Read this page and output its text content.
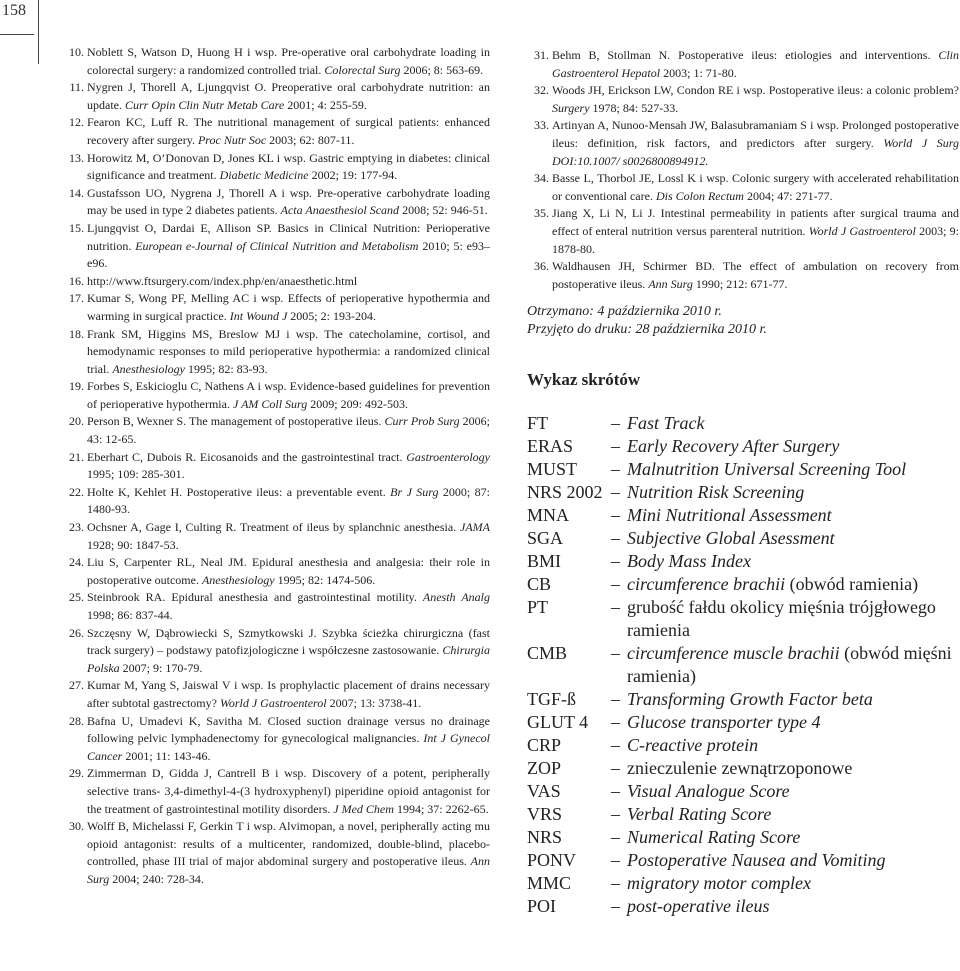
158
10. Noblett S, Watson D, Huong H i wsp. Pre-operative oral carbohydrate loading in colorectal surgery: a randomized controlled trial. Colorectal Surg 2006; 8: 563-69.
11. Nygren J, Thorell A, Ljungqvist O. Preoperative oral carbohydrate nutrition: an update. Curr Opin Clin Nutr Metab Care 2001; 4: 255-59.
12. Fearon KC, Luff R. The nutritional management of surgical patients: enhanced recovery after surgery. Proc Nutr Soc 2003; 62: 807-11.
13. Horowitz M, O’Donovan D, Jones KL i wsp. Gastric emptying in diabetes: clinical significance and treatment. Diabetic Medicine 2002; 19: 177-94.
14. Gustafsson UO, Nygrena J, Thorell A i wsp. Pre-operative carbohydrate loading may be used in type 2 diabetes patients. Acta Anaesthesiol Scand 2008; 52: 946-51.
15. Ljungqvist O, Dardai E, Allison SP. Basics in Clinical Nutrition: Perioperative nutrition. European e-Journal of Clinical Nutrition and Metabolism 2010; 5: e93–e96.
16. http://www.ftsurgery.com/index.php/en/anaesthetic.html
17. Kumar S, Wong PF, Melling AC i wsp. Effects of perioperative hypothermia and warming in surgical practice. Int Wound J 2005; 2: 193-204.
18. Frank SM, Higgins MS, Breslow MJ i wsp. The catecholamine, cortisol, and hemodynamic responses to mild perioperative hypothermia: a randomized clinical trial. Anesthesiology 1995; 82: 83-93.
19. Forbes S, Eskicioglu C, Nathens A i wsp. Evidence-based guidelines for prevention of perioperative hypothermia. J AM Coll Surg 2009; 209: 492-503.
20. Person B, Wexner S. The management of postoperative ileus. Curr Prob Surg 2006; 43: 12-65.
21. Eberhart C, Dubois R. Eicosanoids and the gastrointestinal tract. Gastroenterology 1995; 109: 285-301.
22. Holte K, Kehlet H. Postoperative ileus: a preventable event. Br J Surg 2000; 87: 1480-93.
23. Ochsner A, Gage I, Culting R. Treatment of ileus by splanchnic anesthesia. JAMA 1928; 90: 1847-53.
24. Liu S, Carpenter RL, Neal JM. Epidural anesthesia and analgesia: their role in postoperative outcome. Anesthesiology 1995; 82: 1474-506.
25. Steinbrook RA. Epidural anesthesia and gastrointestinal motility. Anesth Analg 1998; 86: 837-44.
26. Szczęsny W, Dąbrowiecki S, Szmytkowski J. Szybka ścieżka chirurgiczna (fast track surgery) – podstawy patofizjologiczne i współczesne zastosowanie. Chirurgia Polska 2007; 9: 170-79.
27. Kumar M, Yang S, Jaiswal V i wsp. Is prophylactic placement of drains necessary after subtotal gastrectomy? World J Gastroenterol 2007; 13: 3738-41.
28. Bafna U, Umadevi K, Savitha M. Closed suction drainage versus no drainage following pelvic lymphadenectomy for gynecological malignancies. Int J Gynecol Cancer 2001; 11: 143-46.
29. Zimmerman D, Gidda J, Cantrell B i wsp. Discovery of a potent, peripherally selective trans- 3,4-dimethyl-4-(3 hydroxyphenyl) piperidine opioid antagonist for the treatment of gastrointestinal motility disorders. J Med Chem 1994; 37: 2262-65.
30. Wolff B, Michelassi F, Gerkin T i wsp. Alvimopan, a novel, peripherally acting mu opioid antagonist: results of a multicenter, randomized, double-blind, placebo-controlled, phase III trial of major abdominal surgery and postoperative ileus. Ann Surg 2004; 240: 728-34.
31. Behm B, Stollman N. Postoperative ileus: etiologies and interventions. Clin Gastroenterol Hepatol 2003; 1: 71-80.
32. Woods JH, Erickson LW, Condon RE i wsp. Postoperative ileus: a colonic problem? Surgery 1978; 84: 527-33.
33. Artinyan A, Nunoo-Mensah JW, Balasubramaniam S i wsp. Prolonged postoperative ileus: definition, risk factors, and predictors after surgery. World J Surg DOI:10.1007/ s0026800894912.
34. Basse L, Thorbol JE, Lossl K i wsp. Colonic surgery with accelerated rehabilitation or conventional care. Dis Colon Rectum 2004; 47: 271-77.
35. Jiang X, Li N, Li J. Intestinal permeability in patients after surgical trauma and effect of enteral nutrition versus parenteral nutrition. World J Gastroenterol 2003; 9: 1878-80.
36. Waldhausen JH, Schirmer BD. The effect of ambulation on recovery from postoperative ileus. Ann Surg 1990; 212: 671-77.
Otrzymano: 4 października 2010 r.
Przyjęto do druku: 28 października 2010 r.
Wykaz skrótów
FT	– Fast Track
ERAS	– Early Recovery After Surgery
MUST	– Malnutrition Universal Screening Tool
NRS 2002 – Nutrition Risk Screening
MNA	– Mini Nutritional Assessment
SGA	– Subjective Global Asessment
BMI	– Body Mass Index
CB	– circumference brachii (obwód ramienia)
PT	– grubość fałdu okolicy mięśnia trójgłowego ramienia
CMB	– circumference muscle brachii (obwód mięśni ramienia)
TGF-ß	– Transforming Growth Factor beta
GLUT 4	– Glucose transporter type 4
CRP	– C-reactive protein
ZOP	– znieczulenie zewnątrzoponowe
VAS	– Visual Analogue Score
VRS	– Verbal Rating Score
NRS	– Numerical Rating Score
PONV	– Postoperative Nausea and Vomiting
MMC	– migratory motor complex
POI	– post-operative ileus
